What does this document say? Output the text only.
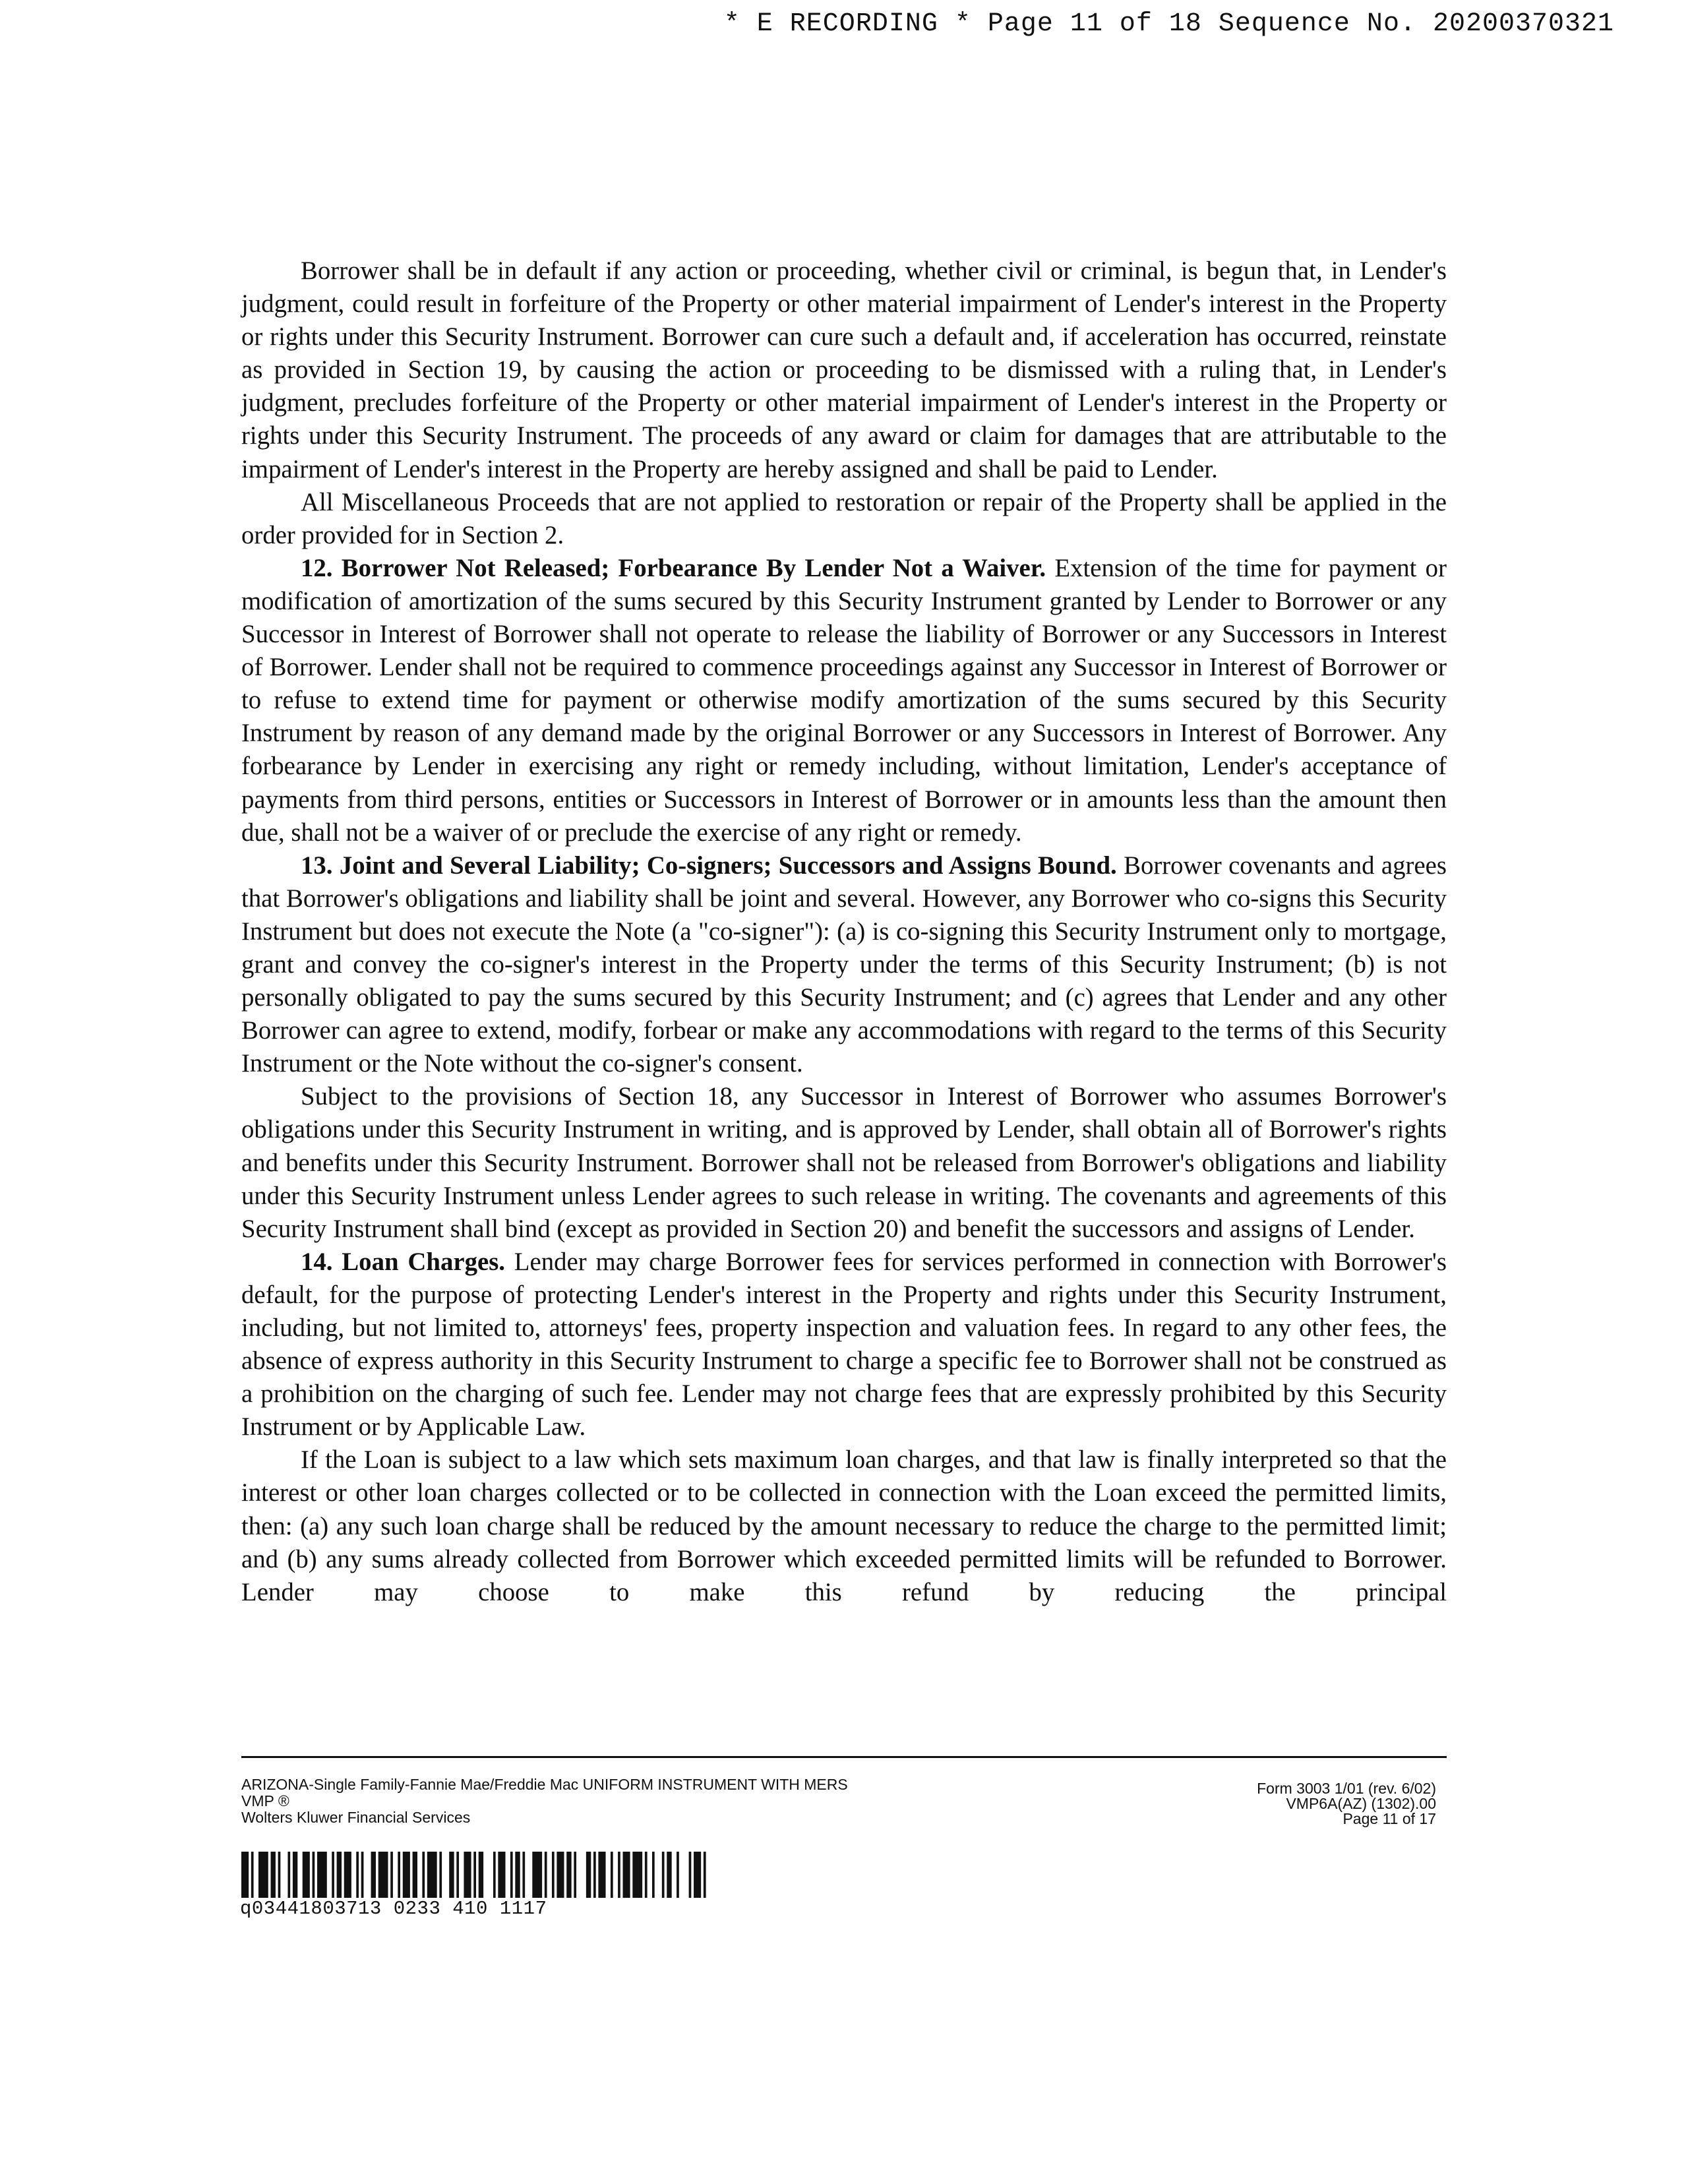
* E RECORDING * Page 11 of 18 Sequence No. 20200370321

Borrower shall be in default if any action or proceeding, whether civil or criminal, is begun that, in Lender's judgment, could result in forfeiture of the Property or other material impairment of Lender's interest in the Property or rights under this Security Instrument. Borrower can cure such a default and, if acceleration has occurred, reinstate as provided in Section 19, by causing the action or proceeding to be dismissed with a ruling that, in Lender's judgment, precludes forfeiture of the Property or other material impairment of Lender's interest in the Property or rights under this Security Instrument. The proceeds of any award or claim for damages that are attributable to the impairment of Lender's interest in the Property are hereby assigned and shall be paid to Lender.

All Miscellaneous Proceeds that are not applied to restoration or repair of the Property shall be applied in the order provided for in Section 2.

12. Borrower Not Released; Forbearance By Lender Not a Waiver. Extension of the time for payment or modification of amortization of the sums secured by this Security Instrument granted by Lender to Borrower or any Successor in Interest of Borrower shall not operate to release the liability of Borrower or any Successors in Interest of Borrower. Lender shall not be required to commence proceedings against any Successor in Interest of Borrower or to refuse to extend time for payment or otherwise modify amortization of the sums secured by this Security Instrument by reason of any demand made by the original Borrower or any Successors in Interest of Borrower. Any forbearance by Lender in exercising any right or remedy including, without limitation, Lender's acceptance of payments from third persons, entities or Successors in Interest of Borrower or in amounts less than the amount then due, shall not be a waiver of or preclude the exercise of any right or remedy.

13. Joint and Several Liability; Co-signers; Successors and Assigns Bound. Borrower covenants and agrees that Borrower's obligations and liability shall be joint and several. However, any Borrower who co-signs this Security Instrument but does not execute the Note (a "co-signer"): (a) is co-signing this Security Instrument only to mortgage, grant and convey the co-signer's interest in the Property under the terms of this Security Instrument; (b) is not personally obligated to pay the sums secured by this Security Instrument; and (c) agrees that Lender and any other Borrower can agree to extend, modify, forbear or make any accommodations with regard to the terms of this Security Instrument or the Note without the co-signer's consent.

Subject to the provisions of Section 18, any Successor in Interest of Borrower who assumes Borrower's obligations under this Security Instrument in writing, and is approved by Lender, shall obtain all of Borrower's rights and benefits under this Security Instrument. Borrower shall not be released from Borrower's obligations and liability under this Security Instrument unless Lender agrees to such release in writing. The covenants and agreements of this Security Instrument shall bind (except as provided in Section 20) and benefit the successors and assigns of Lender.

14. Loan Charges. Lender may charge Borrower fees for services performed in connection with Borrower's default, for the purpose of protecting Lender's interest in the Property and rights under this Security Instrument, including, but not limited to, attorneys' fees, property inspection and valuation fees. In regard to any other fees, the absence of express authority in this Security Instrument to charge a specific fee to Borrower shall not be construed as a prohibition on the charging of such fee. Lender may not charge fees that are expressly prohibited by this Security Instrument or by Applicable Law.

If the Loan is subject to a law which sets maximum loan charges, and that law is finally interpreted so that the interest or other loan charges collected or to be collected in connection with the Loan exceed the permitted limits, then: (a) any such loan charge shall be reduced by the amount necessary to reduce the charge to the permitted limit; and (b) any sums already collected from Borrower which exceeded permitted limits will be refunded to Borrower. Lender may choose to make this refund by reducing the principal

ARIZONA-Single Family-Fannie Mae/Freddie Mac UNIFORM INSTRUMENT WITH MERS
VMP ®
Wolters Kluwer Financial Services
Form 3003 1/01 (rev. 6/02)
VMP6A(AZ) (1302).00
Page 11 of 17
q03441803713 0233 410 1117
